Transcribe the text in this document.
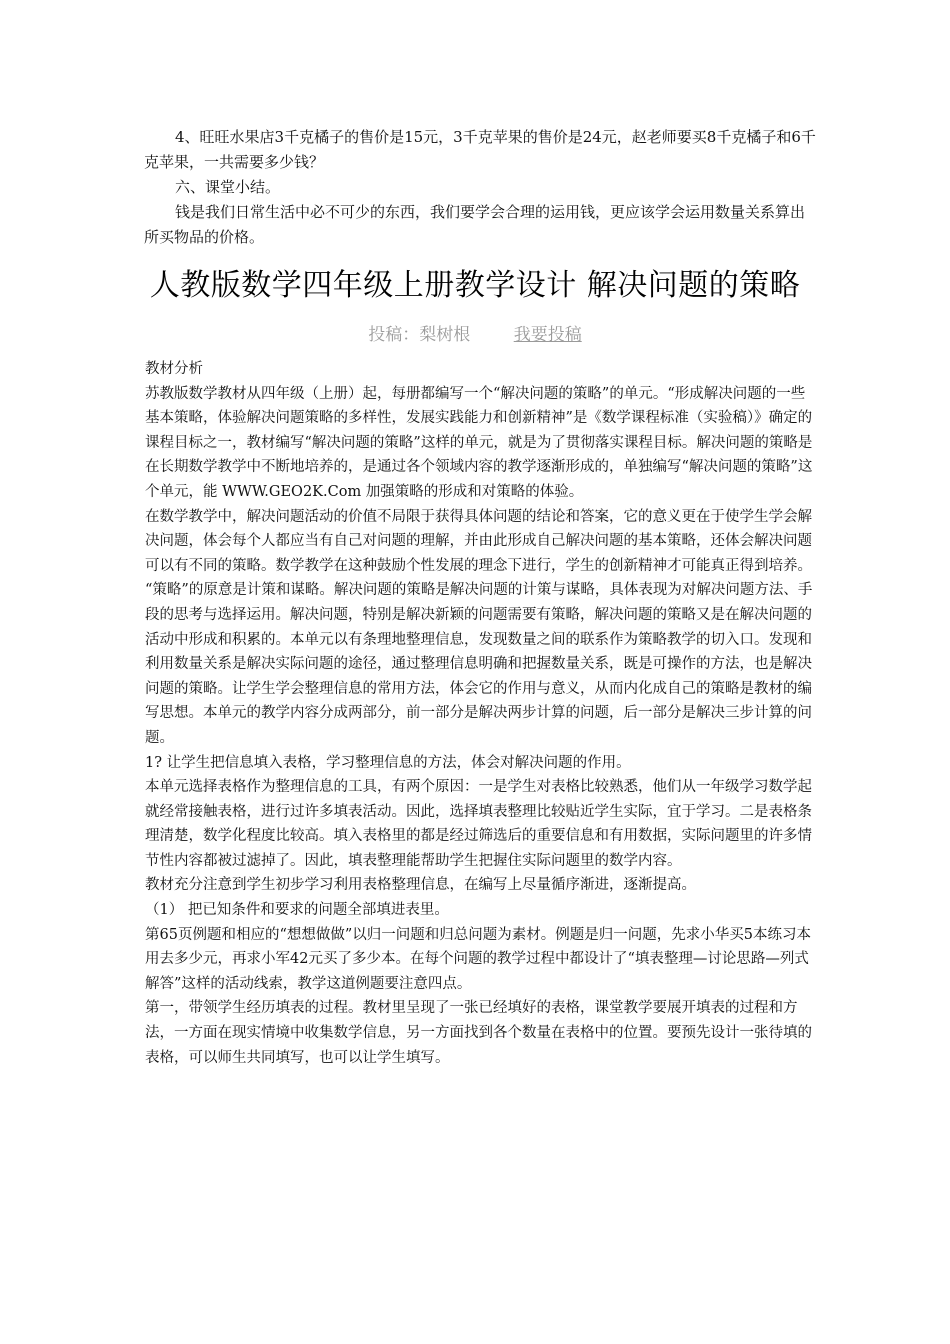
4、旺旺水果店3千克橘子的售价是15元，3千克苹果的售价是24元，赵老师要买8千克橘子和6千克苹果，一共需要多少钱？

六、课堂小结。

钱是我们日常生活中必不可少的东西，我们要学会合理的运用钱，更应该学会运用数量关系算出所买物品的价格。

人教版数学四年级上册教学设计 解决问题的策略
投稿：梨树根	我要投稿

教材分析

苏教版数学教材从四年级（上册）起，每册都编写一个“解决问题的策略”的单元。“形成解决问题的一些基本策略，体验解决问题策略的多样性，发展实践能力和创新精神”是《数学课程标准（实验稿）》确定的课程目标之一，教材编写“解决问题的策略”这样的单元，就是为了贯彻落实课程目标。解决问题的策略是在长期数学教学中不断地培养的，是通过各个领域内容的教学逐渐形成的，单独编写“解决问题的策略”这个单元，能 WWW.GEO2K.Com 加强策略的形成和对策略的体验。

在数学教学中，解决问题活动的价值不局限于获得具体问题的结论和答案，它的意义更在于使学生学会解决问题，体会每个人都应当有自己对问题的理解，并由此形成自己解决问题的基本策略，还体会解决问题可以有不同的策略。数学教学在这种鼓励个性发展的理念下进行，学生的创新精神才可能真正得到培养。

“策略”的原意是计策和谋略。解决问题的策略是解决问题的计策与谋略，具体表现为对解决问题方法、手段的思考与选择运用。解决问题，特别是解决新颖的问题需要有策略，解决问题的策略又是在解决问题的活动中形成和积累的。本单元以有条理地整理信息，发现数量之间的联系作为策略教学的切入口。发现和利用数量关系是解决实际问题的途径，通过整理信息明确和把握数量关系，既是可操作的方法，也是解决问题的策略。让学生学会整理信息的常用方法，体会它的作用与意义，从而内化成自己的策略是教材的编写思想。本单元的教学内容分成两部分，前一部分是解决两步计算的问题，后一部分是解决三步计算的问题。

1? 让学生把信息填入表格，学习整理信息的方法，体会对解决问题的作用。

本单元选择表格作为整理信息的工具，有两个原因：一是学生对表格比较熟悉，他们从一年级学习数学起就经常接触表格，进行过许多填表活动。因此，选择填表整理比较贴近学生实际，宜于学习。二是表格条理清楚，数学化程度比较高。填入表格里的都是经过筛选后的重要信息和有用数据，实际问题里的许多情节性内容都被过滤掉了。因此，填表整理能帮助学生把握住实际问题里的数学内容。

教材充分注意到学生初步学习利用表格整理信息，在编写上尽量循序渐进，逐渐提高。

（1） 把已知条件和要求的问题全部填进表里。

第65页例题和相应的“想想做做”以归一问题和归总问题为素材。例题是归一问题，先求小华买5本练习本用去多少元，再求小军42元买了多少本。在每个问题的教学过程中都设计了“填表整理—讨论思路—列式解答”这样的活动线索，教学这道例题要注意四点。

第一，带领学生经历填表的过程。教材里呈现了一张已经填好的表格，课堂教学要展开填表的过程和方法，一方面在现实情境中收集数学信息，另一方面找到各个数量在表格中的位置。要预先设计一张待填的表格，可以师生共同填写，也可以让学生填写。
